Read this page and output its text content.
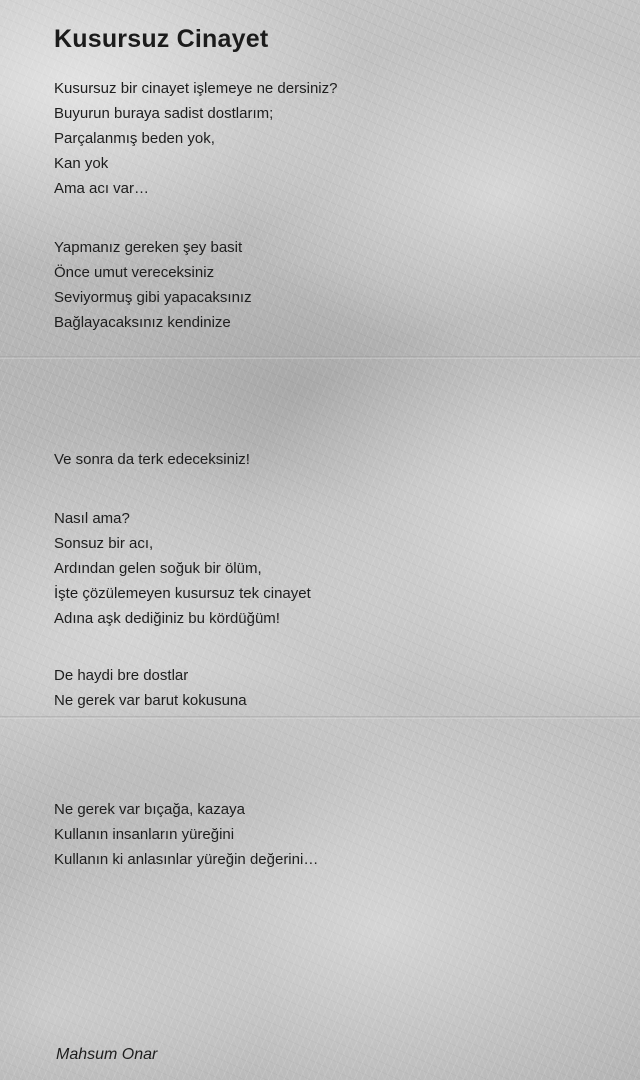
Kusursuz Cinayet
Kusursuz bir cinayet işlemeye ne dersiniz?
Buyurun buraya sadist dostlarım;
Parçalanmış beden yok,
Kan yok
Ama acı var…
Yapmanız gereken şey basit
Önce umut vereceksiniz
Seviyormuş gibi yapacaksınız
Bağlayacaksınız kendinize
Ve sonra da terk edeceksiniz!
Nasıl ama?
Sonsuz bir acı,
Ardından gelen soğuk bir ölüm,
İşte çözülemeyen kusursuz tek cinayet
Adına aşk dediğiniz bu kördüğüm!
De haydi bre dostlar
Ne gerek var barut kokusuna
Ne gerek var bıçağa, kazaya
Kullanın insanların yüreğini
Kullanın ki anlasınlar yüreğin değerini…
Mahsum Onar
